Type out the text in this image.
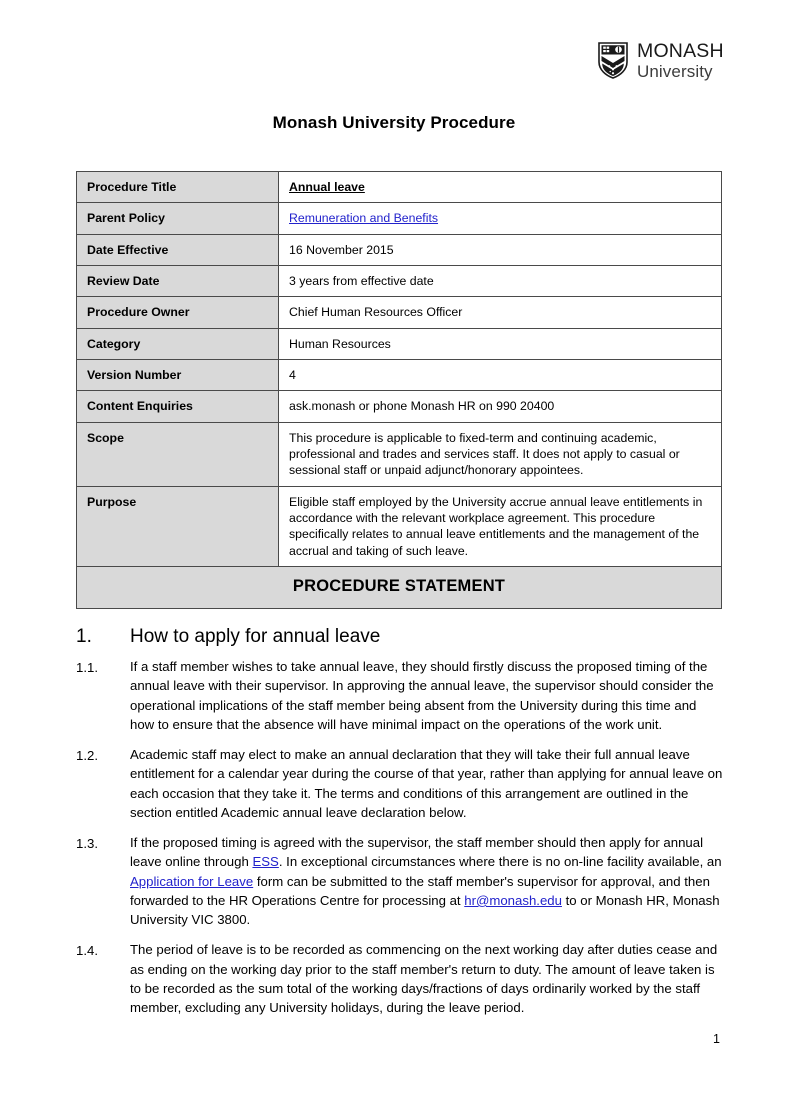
MONASH
University
Monash University Procedure
Procedure Title	Annual leave
Parent Policy	Remuneration and Benefits
Date Effective	16 November 2015
Review Date	3 years from effective date
Procedure Owner	Chief Human Resources Officer
Category	Human Resources
Version Number	4
Content Enquiries	ask.monash or phone Monash HR on 990 20400
Scope	This procedure is applicable to fixed-term and continuing academic, professional and trades and services staff. It does not apply to casual or sessional staff or unpaid adjunct/honorary appointees.
Purpose	Eligible staff employed by the University accrue annual leave entitlements in accordance with the relevant workplace agreement. This procedure specifically relates to annual leave entitlements and the management of the accrual and taking of such leave.
PROCEDURE STATEMENT	
1.	How to apply for annual leave
1.1.	If a staff member wishes to take annual leave, they should firstly discuss the proposed timing of the annual leave with their supervisor. In approving the annual leave, the supervisor should consider the operational implications of the staff member being absent from the University during this time and how to ensure that the absence will have minimal impact on the operations of the work unit.
1.2.	Academic staff may elect to make an annual declaration that they will take their full annual leave entitlement for a calendar year during the course of that year, rather than applying for annual leave on each occasion that they take it. The terms and conditions of this arrangement are outlined in the section entitled Academic annual leave declaration below.
1.3.	If the proposed timing is agreed with the supervisor, the staff member should then apply for annual leave online through ESS. In exceptional circumstances where there is no on-line facility available, an Application for Leave form can be submitted to the staff member's supervisor for approval, and then forwarded to the HR Operations Centre for processing at hr@monash.edu to or Monash HR, Monash University VIC 3800.
1.4.	The period of leave is to be recorded as commencing on the next working day after duties cease and as ending on the working day prior to the staff member's return to duty. The amount of leave taken is to be recorded as the sum total of the working days/fractions of days ordinarily worked by the staff member, excluding any University holidays, during the leave period.
1
